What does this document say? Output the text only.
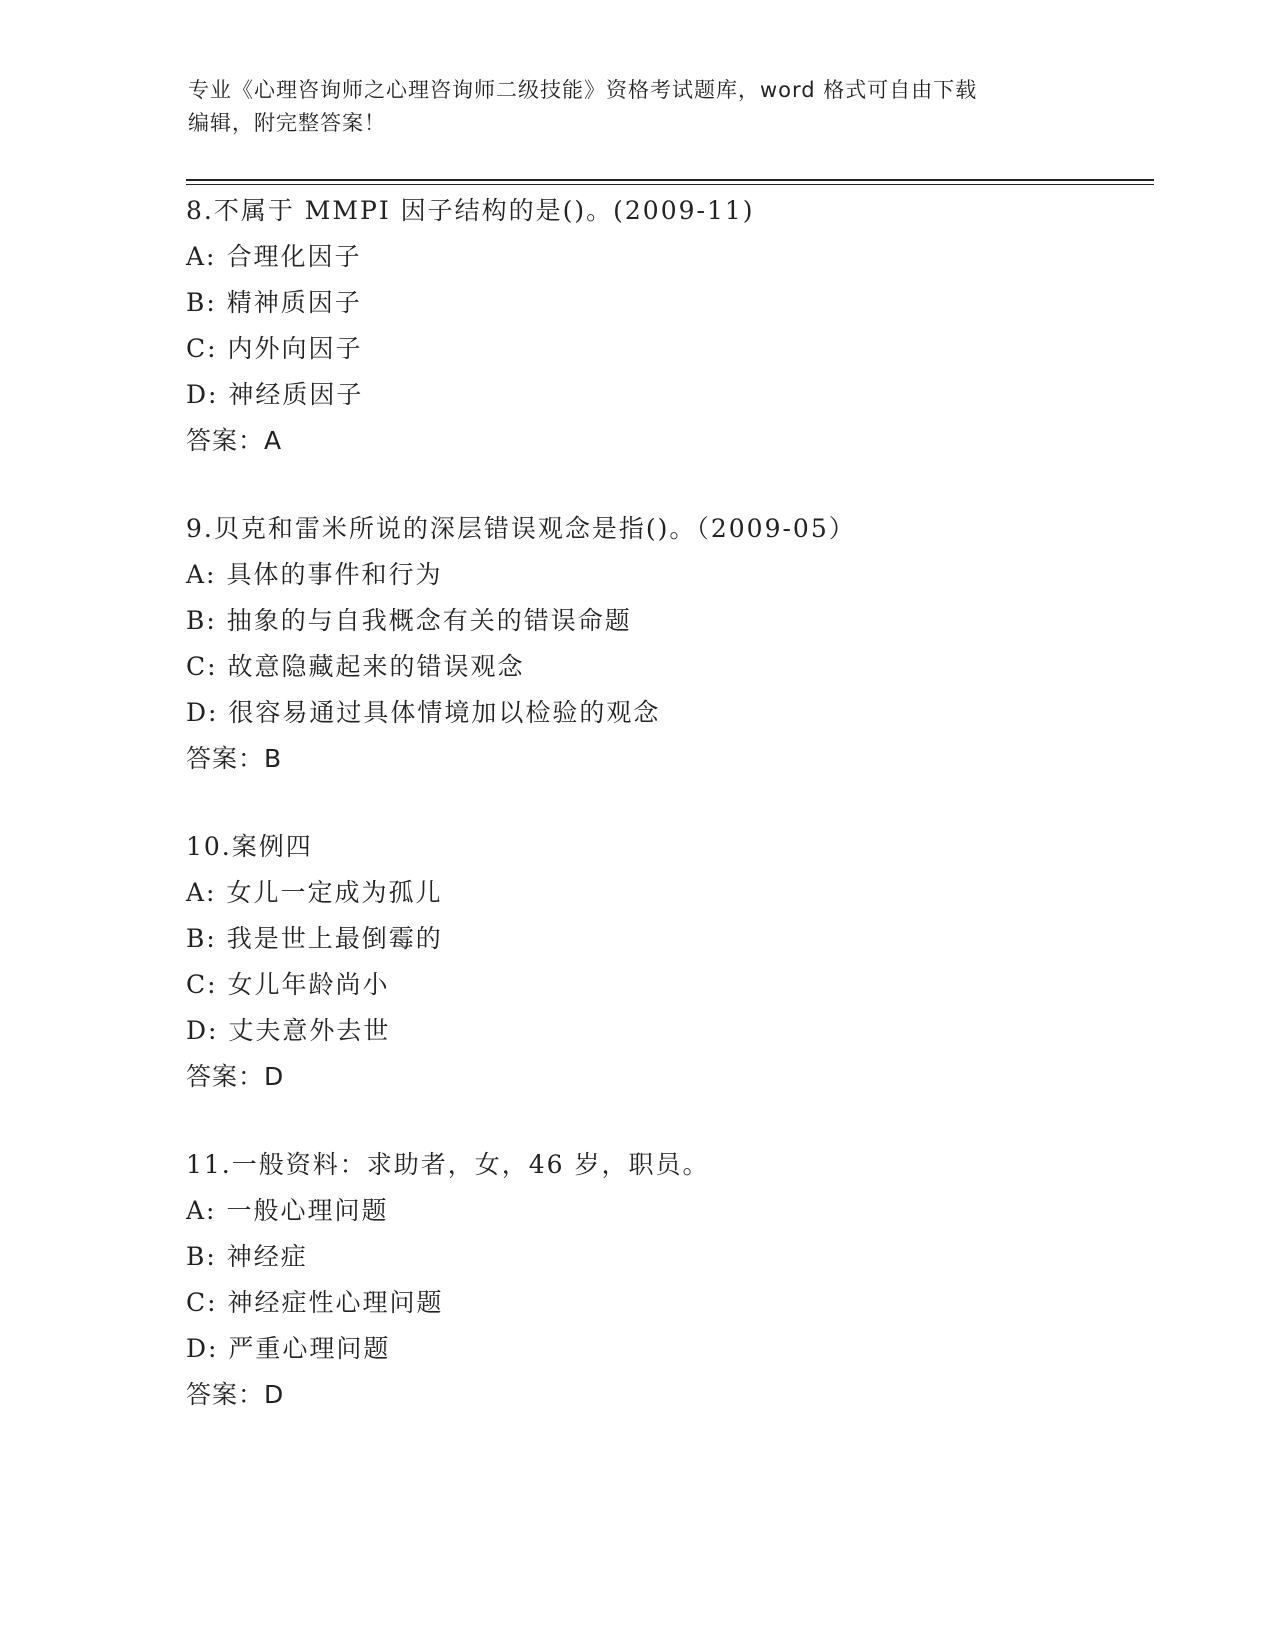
专业《心理咨询师之心理咨询师二级技能》资格考试题库，word 格式可自由下载
编辑，附完整答案！
8.不属于 MMPI 因子结构的是()。(2009-11)
A: 合理化因子
B: 精神质因子
C: 内外向因子
D: 神经质因子
答案：A
9.贝克和雷米所说的深层错误观念是指()。（2009-05）
A: 具体的事件和行为
B: 抽象的与自我概念有关的错误命题
C: 故意隐藏起来的错误观念
D: 很容易通过具体情境加以检验的观念
答案：B
10.案例四
A: 女儿一定成为孤儿
B: 我是世上最倒霉的
C: 女儿年龄尚小
D: 丈夫意外去世
答案：D
11.一般资料：求助者，女，46 岁，职员。
A: 一般心理问题
B: 神经症
C: 神经症性心理问题
D: 严重心理问题
答案：D
